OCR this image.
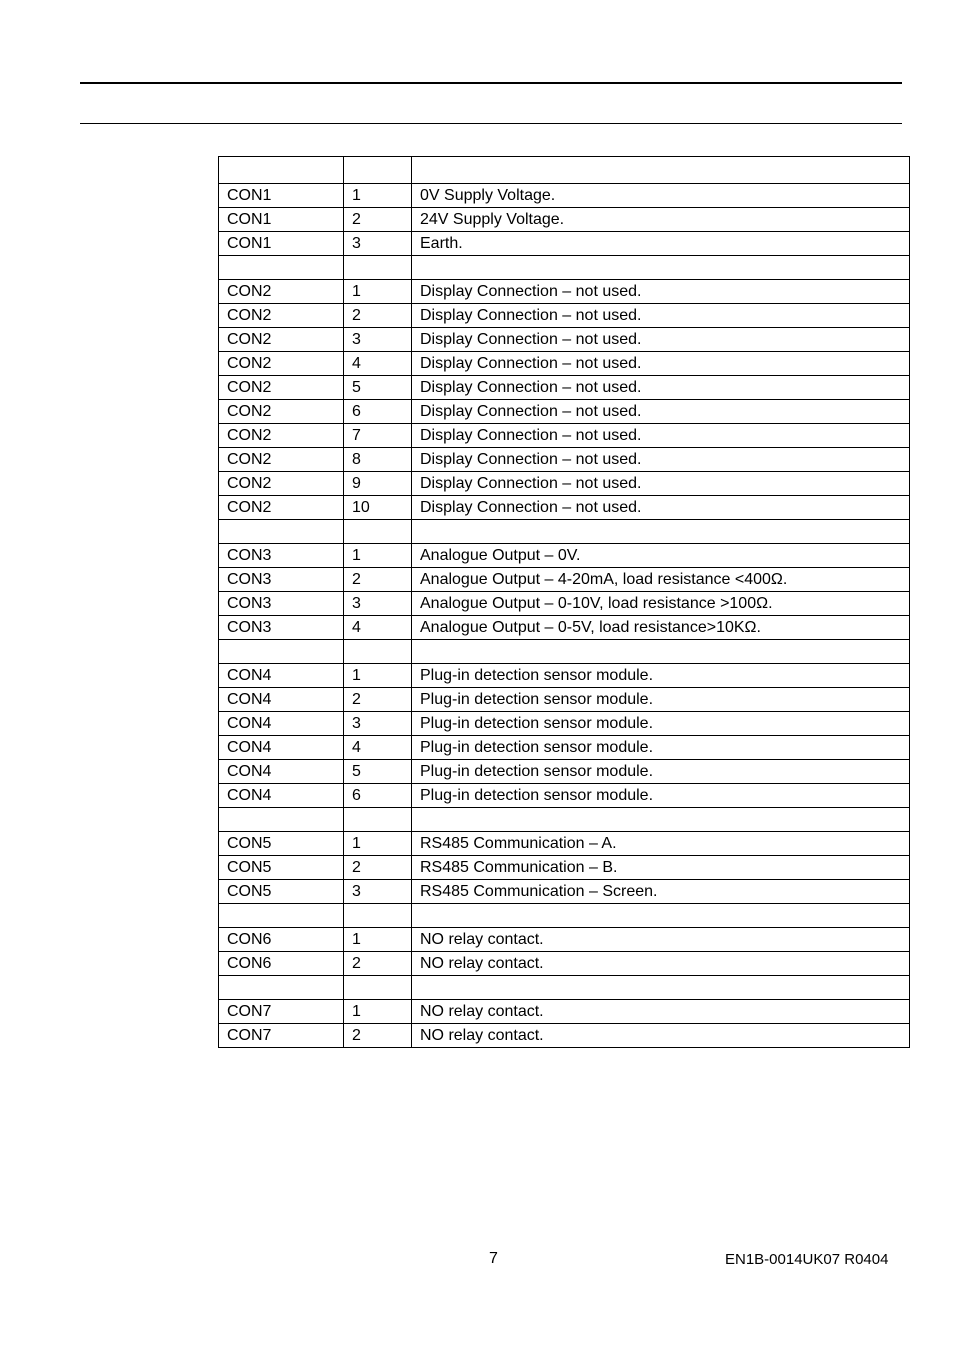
CON1	1	0V Supply Voltage.
CON1	2	24V Supply Voltage.
CON1	3	Earth.

CON2	1	Display Connection – not used.
CON2	2	Display Connection – not used.
CON2	3	Display Connection – not used.
CON2	4	Display Connection – not used.
CON2	5	Display Connection – not used.
CON2	6	Display Connection – not used.
CON2	7	Display Connection – not used.
CON2	8	Display Connection – not used.
CON2	9	Display Connection – not used.
CON2	10	Display Connection – not used.

CON3	1	Analogue Output – 0V.
CON3	2	Analogue Output – 4-20mA, load resistance <400Ω.
CON3	3	Analogue Output – 0-10V, load resistance >100Ω.
CON3	4	Analogue Output – 0-5V, load resistance>10KΩ.

CON4	1	Plug-in detection sensor module.
CON4	2	Plug-in detection sensor module.
CON4	3	Plug-in detection sensor module.
CON4	4	Plug-in detection sensor module.
CON4	5	Plug-in detection sensor module.
CON4	6	Plug-in detection sensor module.

CON5	1	RS485 Communication – A.
CON5	2	RS485 Communication – B.
CON5	3	RS485 Communication – Screen.

CON6	1	NO relay contact.
CON6	2	NO relay contact.

CON7	1	NO relay contact.
CON7	2	NO relay contact.
7	EN1B-0014UK07 R0404
